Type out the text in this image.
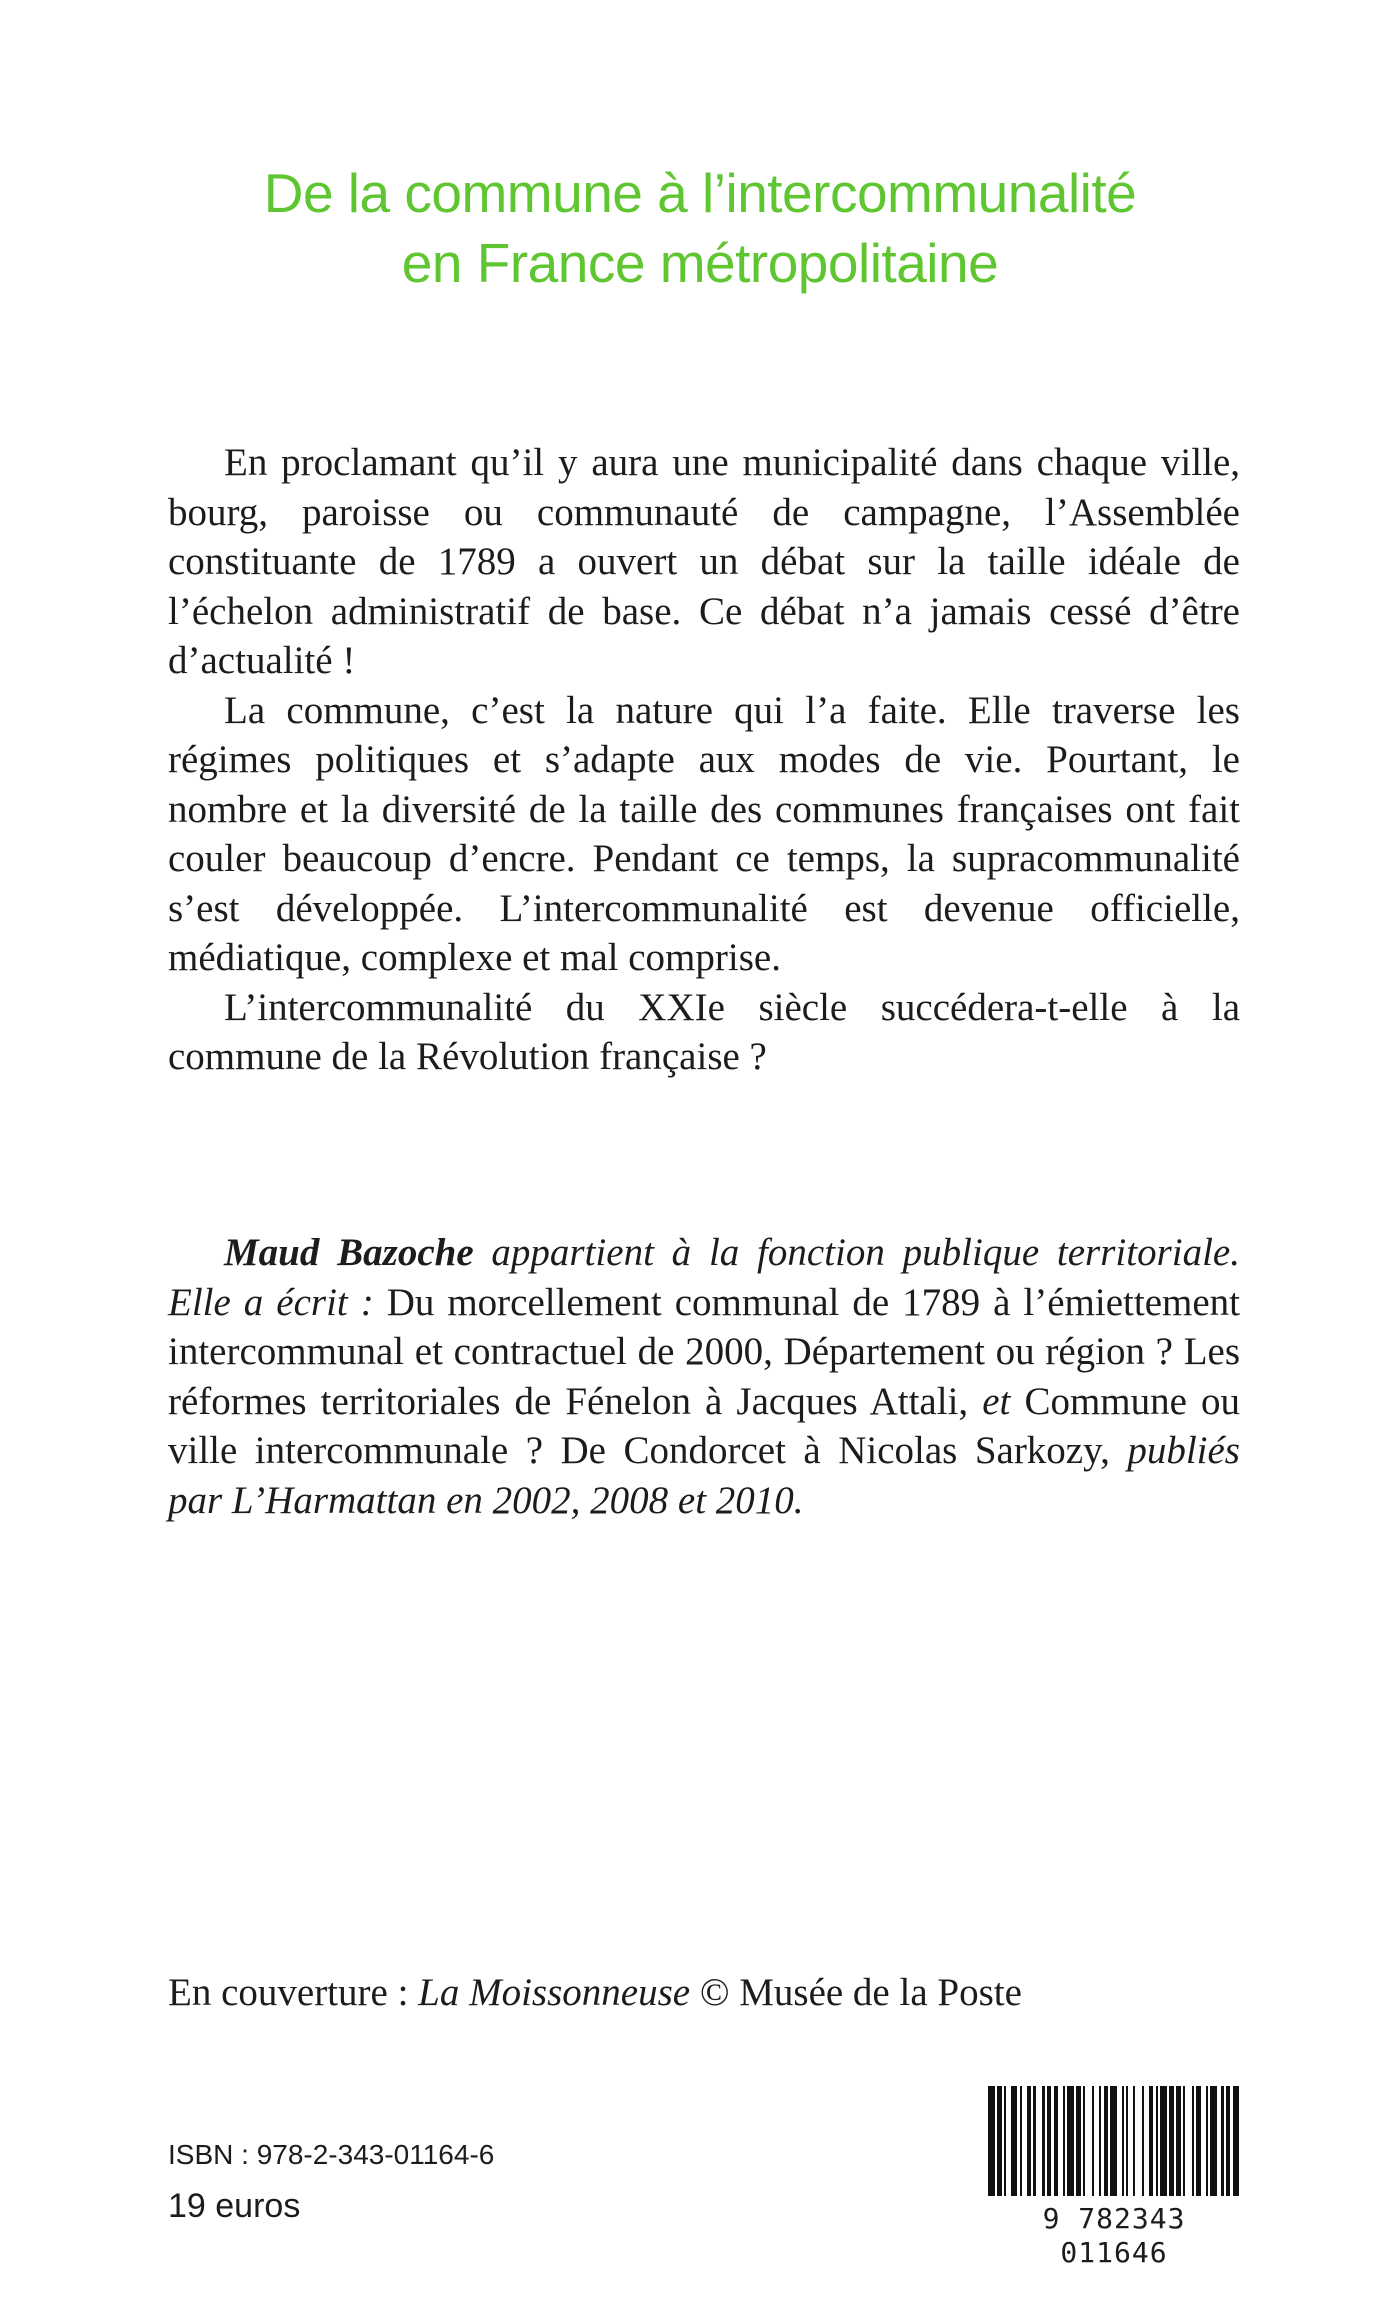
De la commune à l’intercommunalité
en France métropolitaine

En proclamant qu’il y aura une municipalité dans chaque ville, bourg, paroisse ou communauté de campagne, l’Assemblée constituante de 1789 a ouvert un débat sur la taille idéale de l’échelon administratif de base. Ce débat n’a jamais cessé d’être d’actualité !

La commune, c’est la nature qui l’a faite. Elle traverse les régimes politiques et s’adapte aux modes de vie. Pourtant, le nombre et la diversité de la taille des communes françaises ont fait couler beaucoup d’encre. Pendant ce temps, la supracommunalité s’est développée. L’intercommunalité est devenue officielle, médiatique, complexe et mal comprise.

L’intercommunalité du XXIe siècle succédera-t-elle à la commune de la Révolution française ?

Maud Bazoche appartient à la fonction publique territoriale. Elle a écrit : Du morcellement communal de 1789 à l’émiettement intercommunal et contractuel de 2000, Département ou région ? Les réformes territoriales de Fénelon à Jacques Attali, et Commune ou ville intercommunale ? De Condorcet à Nicolas Sarkozy, publiés par L’Harmattan en 2002, 2008 et 2010.

En couverture : La Moissonneuse © Musée de la Poste
ISBN : 978-2-343-01164-6
19 euros	9 782343 011646
